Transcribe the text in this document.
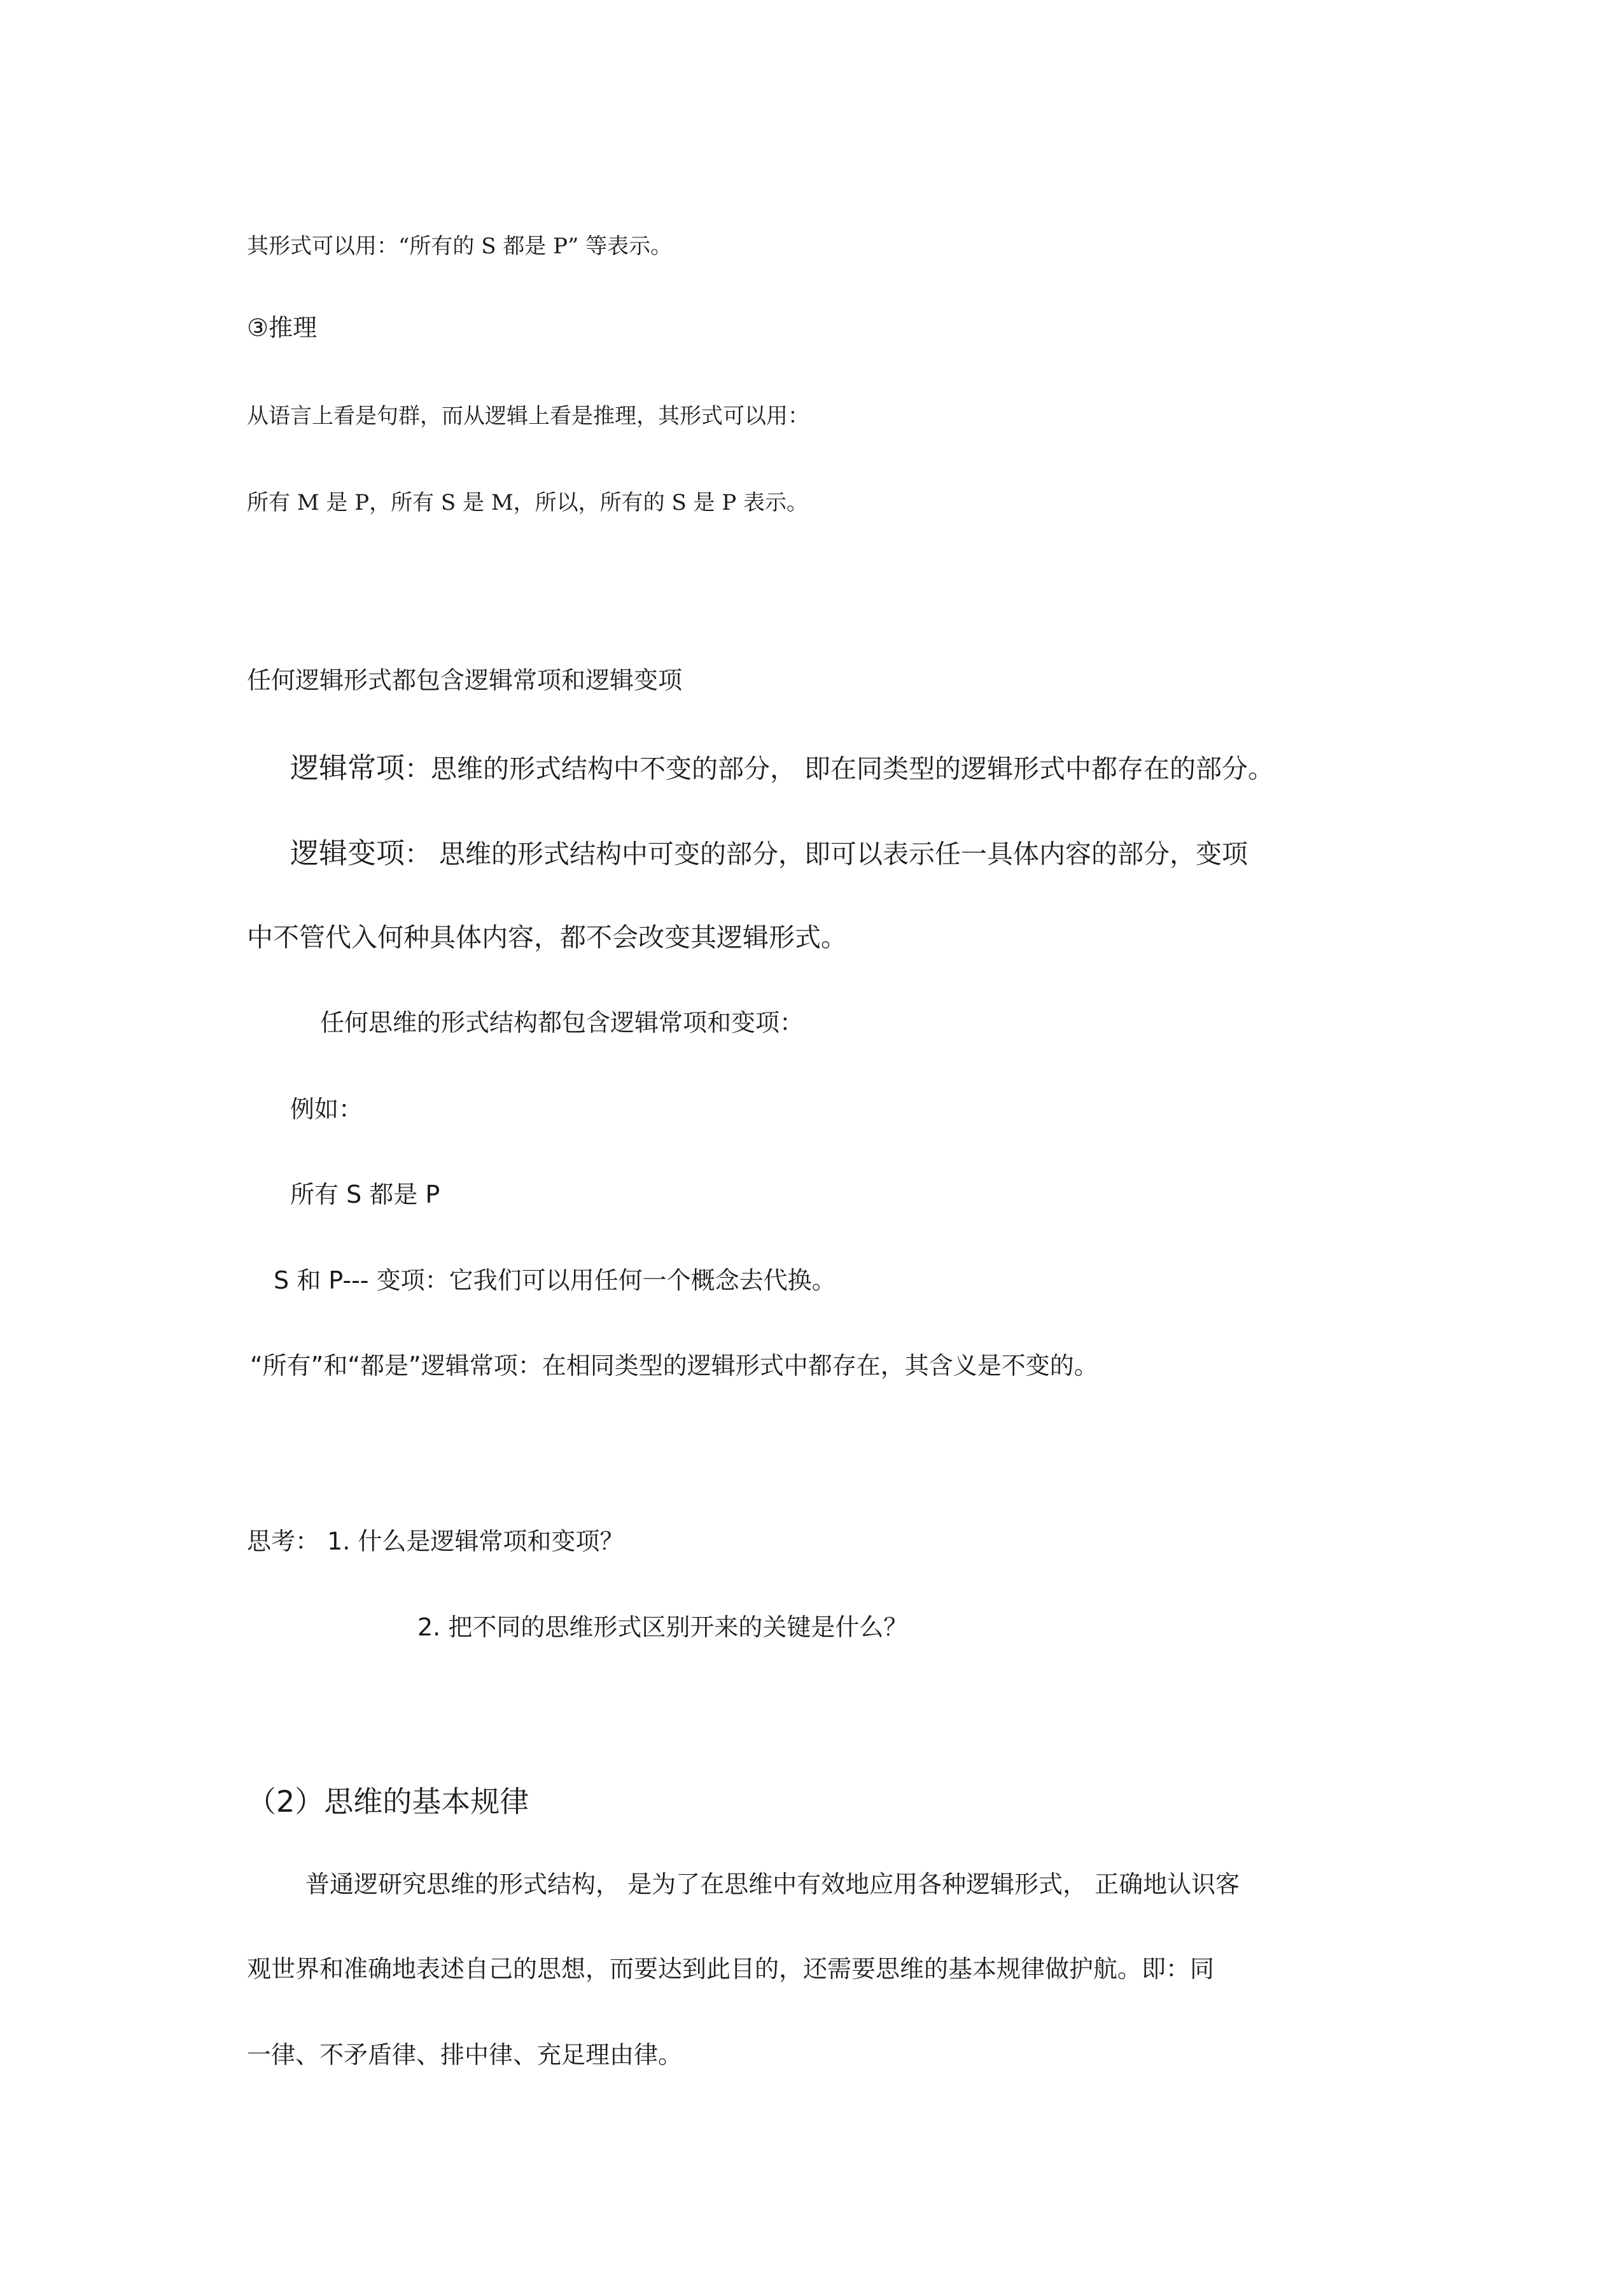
其形式可以用：“所有的 S 都是 P” 等表示。
③推理
从语言上看是句群，而从逻辑上看是推理，其形式可以用：
所有 M 是 P，所有 S 是 M，所以，所有的 S 是 P 表示。
任何逻辑形式都包含逻辑常项和逻辑变项
逻辑常项：思维的形式结构中不变的部分， 即在同类型的逻辑形式中都存在的部分。
逻辑变项： 思维的形式结构中可变的部分，即可以表示任一具体内容的部分，变项
中不管代入何种具体内容，都不会改变其逻辑形式。
任何思维的形式结构都包含逻辑常项和变项：
例如：
所有 S 都是 P
S 和 P--- 变项：它我们可以用任何一个概念去代换。
“所有”和“都是”逻辑常项：在相同类型的逻辑形式中都存在，其含义是不变的。
思考： 1. 什么是逻辑常项和变项？
2. 把不同的思维形式区别开来的关键是什么？
（2）思维的基本规律
普通逻研究思维的形式结构， 是为了在思维中有效地应用各种逻辑形式， 正确地认识客
观世界和准确地表述自己的思想，而要达到此目的，还需要思维的基本规律做护航。即：同
一律、不矛盾律、排中律、充足理由律。
